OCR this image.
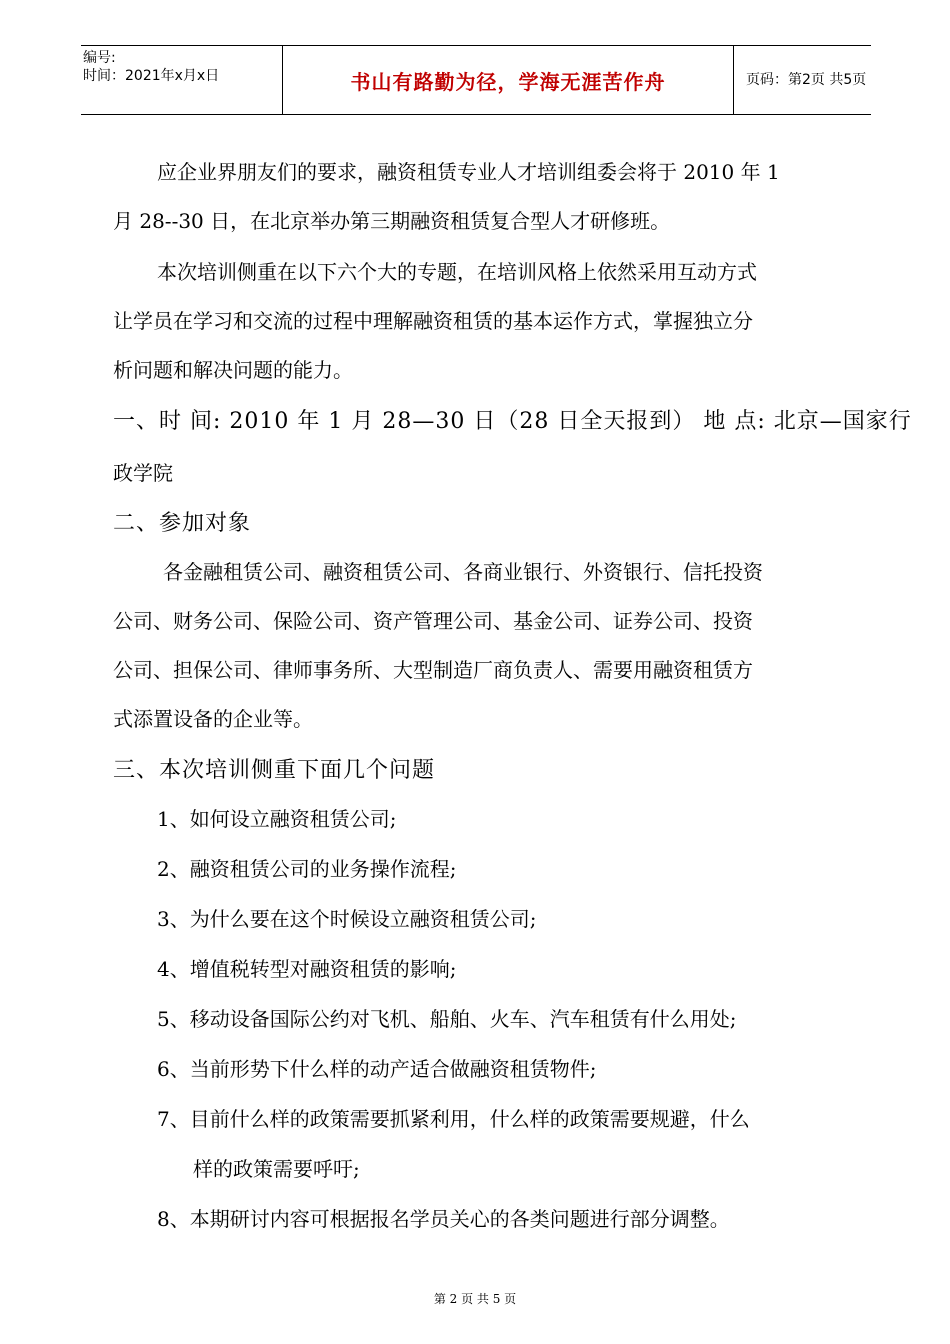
编号:
时间：2021年x月x日	书山有路勤为径，学海无涯苦作舟	页码：第2页 共5页
应企业界朋友们的要求，融资租赁专业人才培训组委会将于 2010 年 1
月 28--30 日，在北京举办第三期融资租赁复合型人才研修班。
本次培训侧重在以下六个大的专题，在培训风格上依然采用互动方式
让学员在学习和交流的过程中理解融资租赁的基本运作方式，掌握独立分
析问题和解决问题的能力。
一、时 间: 2010 年 1 月 28—30 日（28 日全天报到） 地 点: 北京—国家行
政学院
二、参加对象
各金融租赁公司、融资租赁公司、各商业银行、外资银行、信托投资
公司、财务公司、保险公司、资产管理公司、基金公司、证券公司、投资
公司、担保公司、律师事务所、大型制造厂商负责人、需要用融资租赁方
式添置设备的企业等。
三、本次培训侧重下面几个问题
1、如何设立融资租赁公司;
2、融资租赁公司的业务操作流程;
3、为什么要在这个时候设立融资租赁公司;
4、增值税转型对融资租赁的影响;
5、移动设备国际公约对飞机、船舶、火车、汽车租赁有什么用处;
6、当前形势下什么样的动产适合做融资租赁物件;
7、目前什么样的政策需要抓紧利用，什么样的政策需要规避，什么
样的政策需要呼吁;
8、本期研讨内容可根据报名学员关心的各类问题进行部分调整。
第 2 页 共 5 页
